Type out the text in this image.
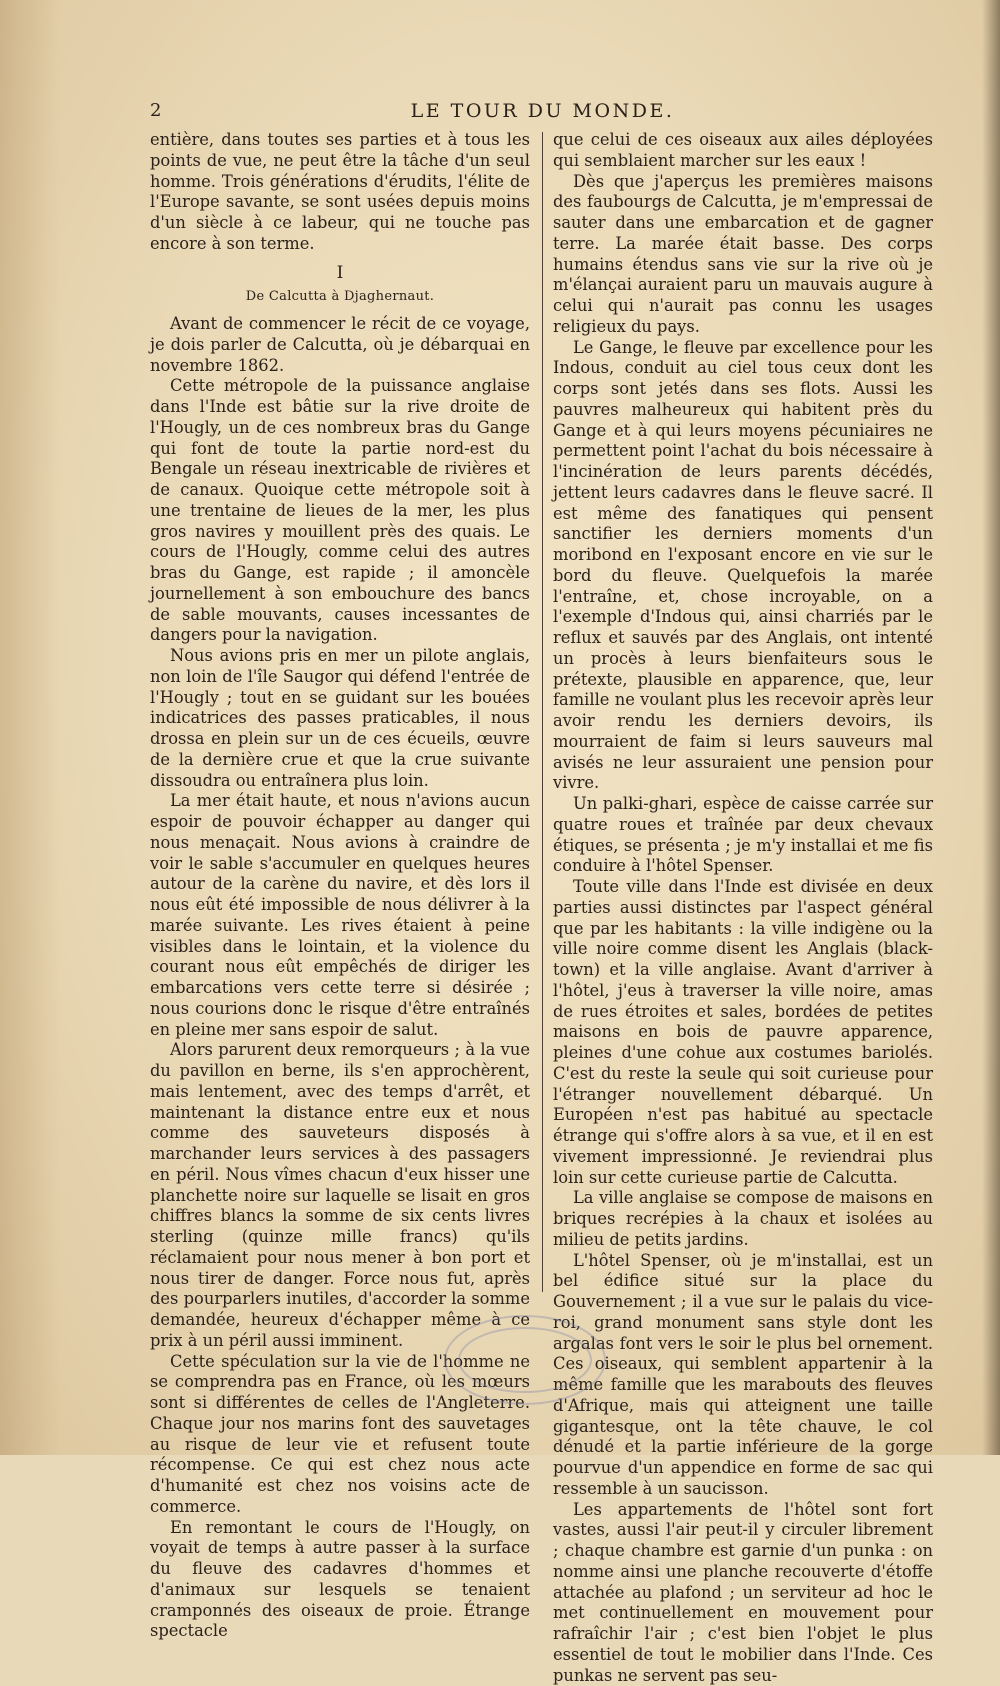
2	LE TOUR DU MONDE.

entière, dans toutes ses parties et à tous les points de vue, ne peut être la tâche d'un seul homme. Trois générations d'érudits, l'élite de l'Europe savante, se sont usées depuis moins d'un siècle à ce labeur, qui ne touche pas encore à son terme.

I
De Calcutta à Djaghernaut.

Avant de commencer le récit de ce voyage, je dois parler de Calcutta, où je débarquai en novembre 1862.

Cette métropole de la puissance anglaise dans l'Inde est bâtie sur la rive droite de l'Hougly, un de ces nombreux bras du Gange qui font de toute la partie nord-est du Bengale un réseau inextricable de rivières et de canaux. Quoique cette métropole soit à une trentaine de lieues de la mer, les plus gros navires y mouillent près des quais. Le cours de l'Hougly, comme celui des autres bras du Gange, est rapide ; il amoncèle journellement à son embouchure des bancs de sable mouvants, causes incessantes de dangers pour la navigation.

Nous avions pris en mer un pilote anglais, non loin de l'île Saugor qui défend l'entrée de l'Hougly ; tout en se guidant sur les bouées indicatrices des passes praticables, il nous drossa en plein sur un de ces écueils, œuvre de la dernière crue et que la crue suivante dissoudra ou entraînera plus loin.

La mer était haute, et nous n'avions aucun espoir de pouvoir échapper au danger qui nous menaçait. Nous avions à craindre de voir le sable s'accumuler en quelques heures autour de la carène du navire, et dès lors il nous eût été impossible de nous délivrer à la marée suivante. Les rives étaient à peine visibles dans le lointain, et la violence du courant nous eût empêchés de diriger les embarcations vers cette terre si désirée ; nous courions donc le risque d'être entraînés en pleine mer sans espoir de salut.

Alors parurent deux remorqueurs ; à la vue du pavillon en berne, ils s'en approchèrent, mais lentement, avec des temps d'arrêt, et maintenant la distance entre eux et nous comme des sauveteurs disposés à marchander leurs services à des passagers en péril. Nous vîmes chacun d'eux hisser une planchette noire sur laquelle se lisait en gros chiffres blancs la somme de six cents livres sterling (quinze mille francs) qu'ils réclamaient pour nous mener à bon port et nous tirer de danger. Force nous fut, après des pourparlers inutiles, d'accorder la somme demandée, heureux d'échapper même à ce prix à un péril aussi imminent.

Cette spéculation sur la vie de l'homme ne se comprendra pas en France, où les mœurs sont si différentes de celles de l'Angleterre. Chaque jour nos marins font des sauvetages au risque de leur vie et refusent toute récompense. Ce qui est chez nous acte d'humanité est chez nos voisins acte de commerce.

En remontant le cours de l'Hougly, on voyait de temps à autre passer à la surface du fleuve des cadavres d'hommes et d'animaux sur lesquels se tenaient cramponnés des oiseaux de proie. Étrange spectacle

que celui de ces oiseaux aux ailes déployées qui semblaient marcher sur les eaux !

Dès que j'aperçus les premières maisons des faubourgs de Calcutta, je m'empressai de sauter dans une embarcation et de gagner terre. La marée était basse. Des corps humains étendus sans vie sur la rive où je m'élançai auraient paru un mauvais augure à celui qui n'aurait pas connu les usages religieux du pays.

Le Gange, le fleuve par excellence pour les Indous, conduit au ciel tous ceux dont les corps sont jetés dans ses flots. Aussi les pauvres malheureux qui habitent près du Gange et à qui leurs moyens pécuniaires ne permettent point l'achat du bois nécessaire à l'incinération de leurs parents décédés, jettent leurs cadavres dans le fleuve sacré. Il est même des fanatiques qui pensent sanctifier les derniers moments d'un moribond en l'exposant encore en vie sur le bord du fleuve. Quelquefois la marée l'entraîne, et, chose incroyable, on a l'exemple d'Indous qui, ainsi charriés par le reflux et sauvés par des Anglais, ont intenté un procès à leurs bienfaiteurs sous le prétexte, plausible en apparence, que, leur famille ne voulant plus les recevoir après leur avoir rendu les derniers devoirs, ils mourraient de faim si leurs sauveurs mal avisés ne leur assuraient une pension pour vivre.

Un palki-ghari, espèce de caisse carrée sur quatre roues et traînée par deux chevaux étiques, se présenta ; je m'y installai et me fis conduire à l'hôtel Spenser.

Toute ville dans l'Inde est divisée en deux parties aussi distinctes par l'aspect général que par les habitants : la ville indigène ou la ville noire comme disent les Anglais (black-town) et la ville anglaise. Avant d'arriver à l'hôtel, j'eus à traverser la ville noire, amas de rues étroites et sales, bordées de petites maisons en bois de pauvre apparence, pleines d'une cohue aux costumes bariolés. C'est du reste la seule qui soit curieuse pour l'étranger nouvellement débarqué. Un Européen n'est pas habitué au spectacle étrange qui s'offre alors à sa vue, et il en est vivement impressionné. Je reviendrai plus loin sur cette curieuse partie de Calcutta.

La ville anglaise se compose de maisons en briques recrépies à la chaux et isolées au milieu de petits jardins.

L'hôtel Spenser, où je m'installai, est un bel édifice situé sur la place du Gouvernement ; il a vue sur le palais du vice-roi, grand monument sans style dont les argalas font vers le soir le plus bel ornement. Ces oiseaux, qui semblent appartenir à la même famille que les marabouts des fleuves d'Afrique, mais qui atteignent une taille gigantesque, ont la tête chauve, le col dénudé et la partie inférieure de la gorge pourvue d'un appendice en forme de sac qui ressemble à un saucisson.

Les appartements de l'hôtel sont fort vastes, aussi l'air peut-il y circuler librement ; chaque chambre est garnie d'un punka : on nomme ainsi une planche recouverte d'étoffe attachée au plafond ; un serviteur ad hoc le met continuellement en mouvement pour rafraîchir l'air ; c'est bien l'objet le plus essentiel de tout le mobilier dans l'Inde. Ces punkas ne servent pas seu-
